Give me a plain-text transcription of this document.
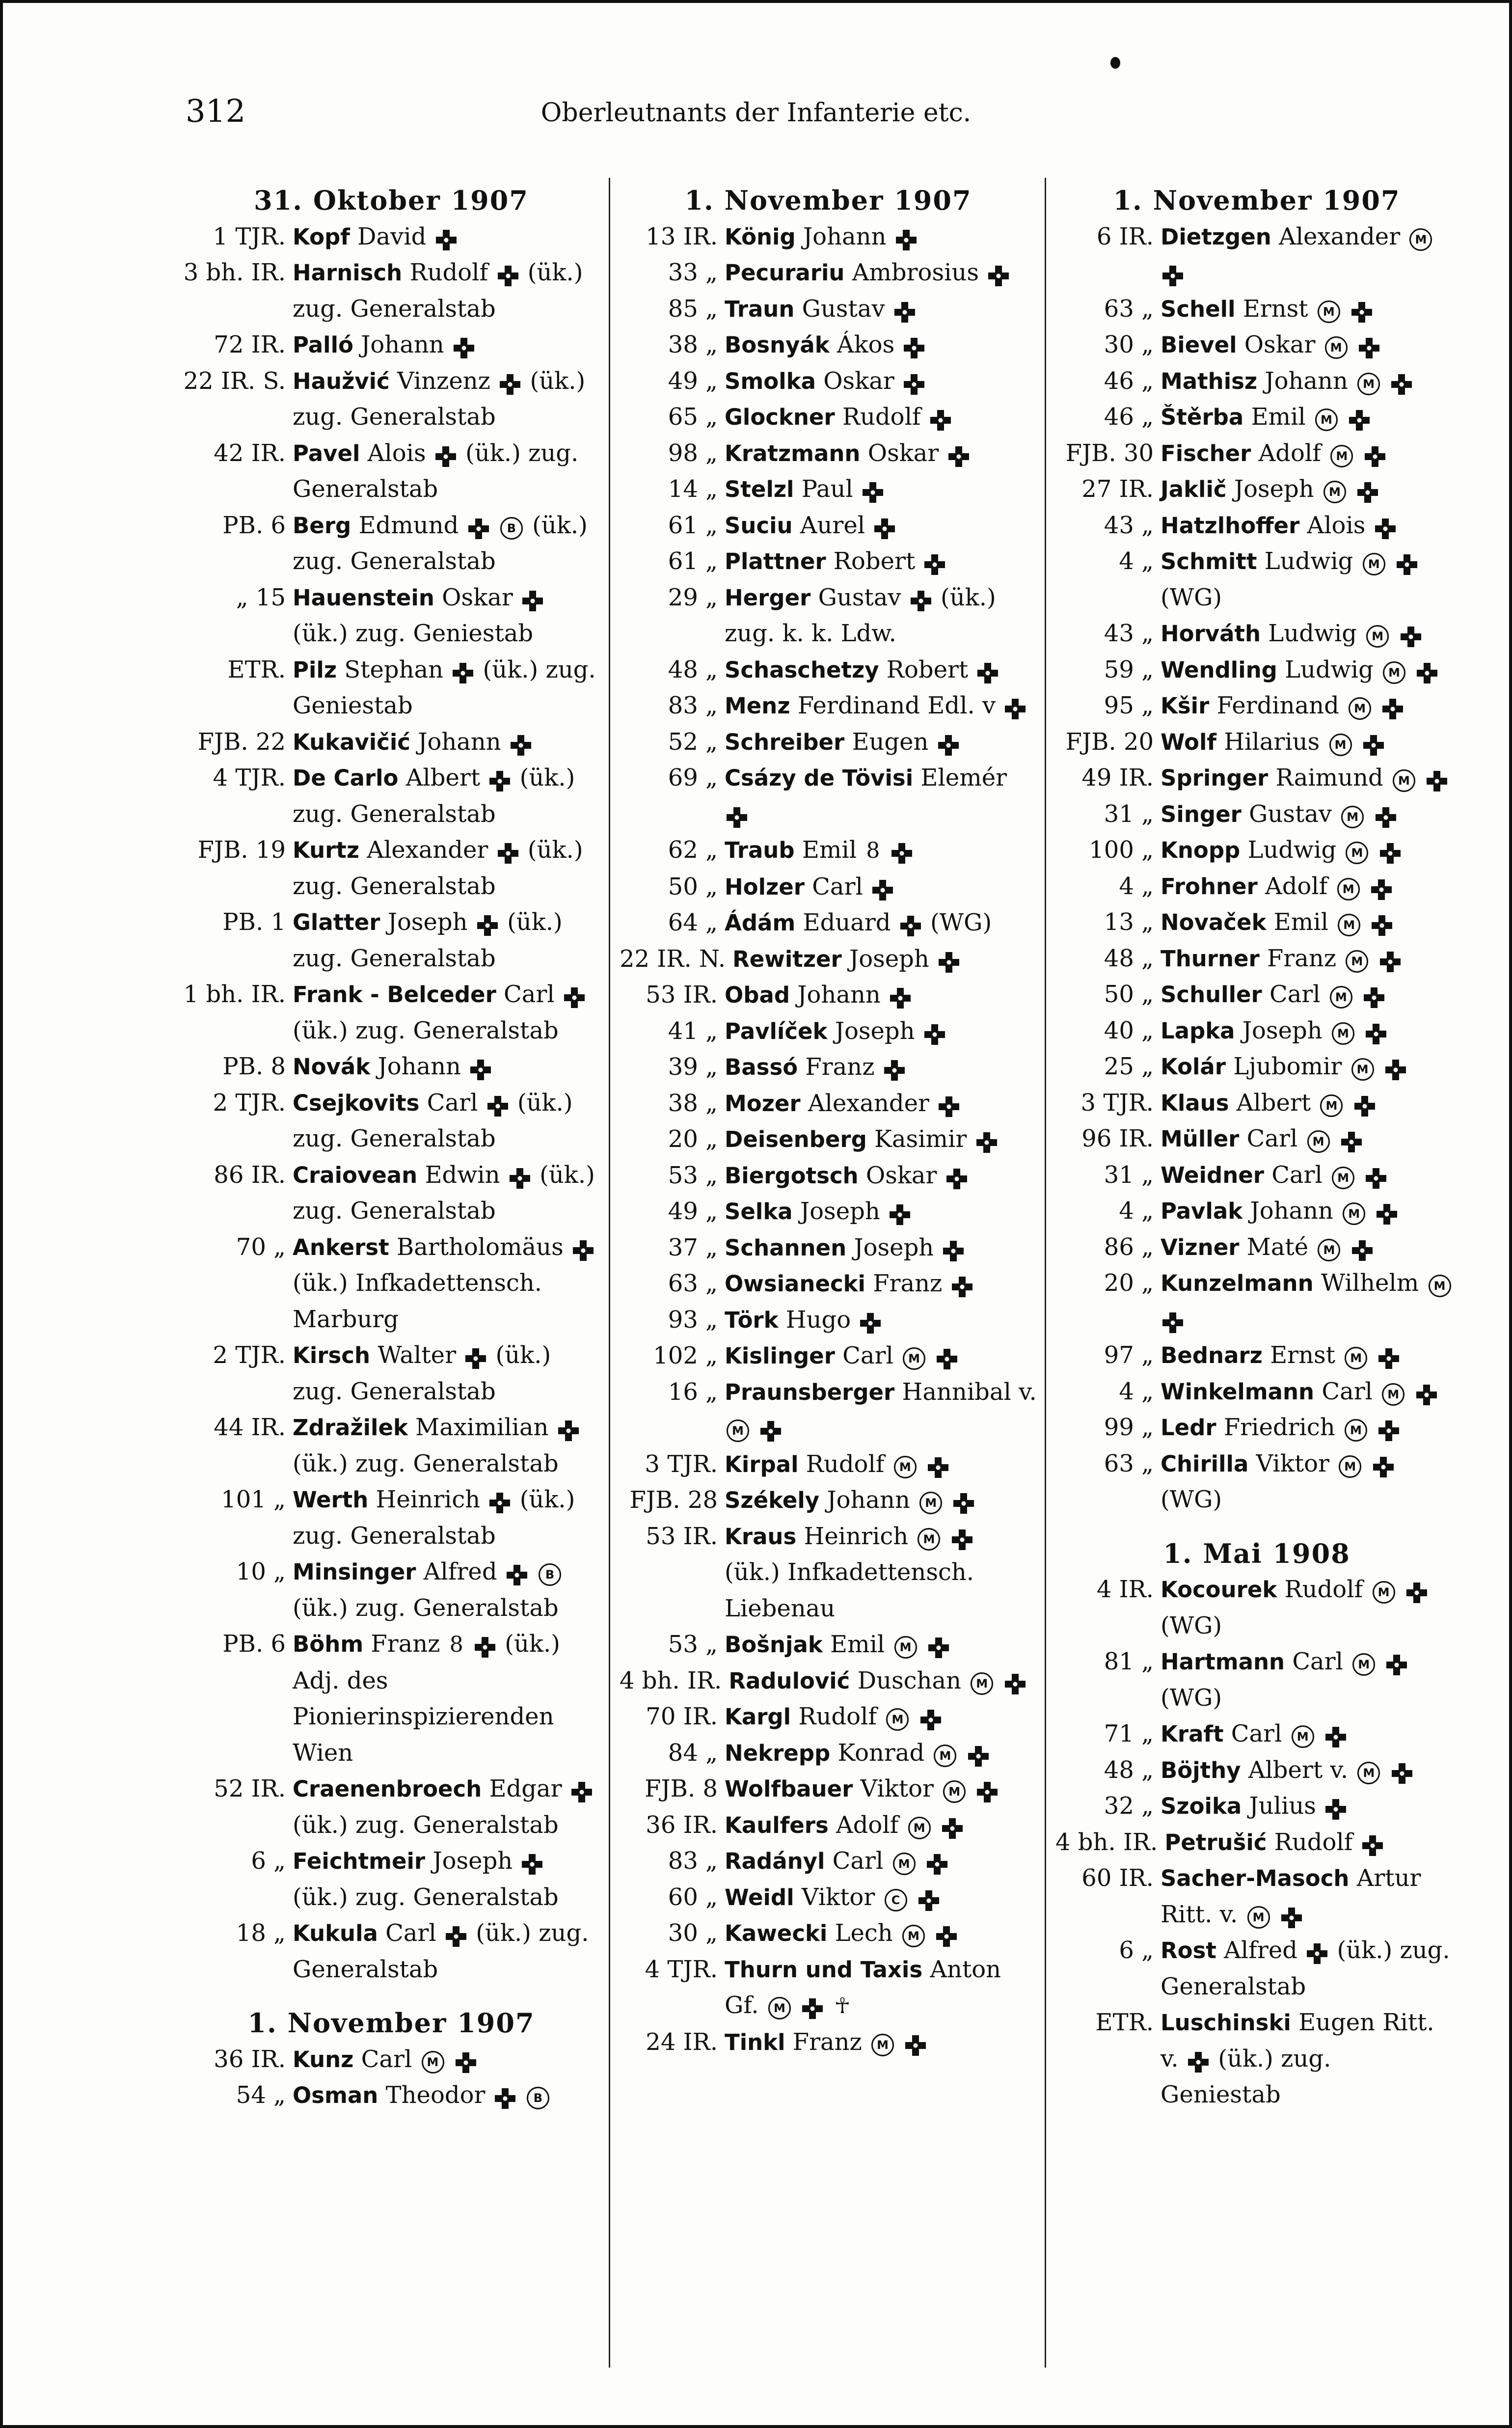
312	Oberleutnants der Infanterie etc.
31. Oktober 1907
1 TJR. Kopf David
3 bh. IR. Harnisch Rudolf  (ük.) zug. Generalstab
72 IR. Palló Johann
22 IR. S. Haužvić Vinzenz  (ük.) zug. Generalstab
42 IR. Pavel Alois  (ük.) zug. Generalstab
PB. 6 Berg Edmund	B (ük.) zug. Generalstab
„ 15 Hauenstein Oskar  (ük.) zug. Geniestab
ETR. Pilz Stephan  (ük.) zug. Geniestab
FJB. 22 Kukavičić Johann
4 TJR. De Carlo Albert  (ük.) zug. Generalstab
FJB. 19 Kurtz Alexander  (ük.) zug. Generalstab
PB. 1 Glatter Joseph  (ük.) zug. Generalstab
1 bh. IR. Frank - Belceder Carl  (ük.) zug. Generalstab
PB. 8 Novák Johann
2 TJR. Csejkovits Carl  (ük.) zug. Generalstab
86 IR. Craiovean Edwin  (ük.) zug. Generalstab
70 „ Ankerst Bartholomäus  (ük.) Infkadettensch. Marburg
2 TJR. Kirsch Walter  (ük.) zug. Generalstab
44 IR. Zdražilek Maximilian  (ük.) zug. Generalstab
101 „ Werth Heinrich  (ük.) zug. Generalstab
10 „ Minsinger Alfred	B (ük.) zug. Generalstab
PB. 6 Böhm Franz 8  (ük.) Adj. des Pionierinspizierenden Wien
52 IR. Craenenbroech Edgar  (ük.) zug. Generalstab
6 „ Feichtmeir Joseph  (ük.) zug. Generalstab
18 „ Kukula Carl  (ük.) zug. Generalstab
1. November 1907
36 IR. Kunz Carl M
54 „ Osman Theodor	B
1. November 1907
13 IR. König Johann
33 „ Pecurariu Ambrosius
85 „ Traun Gustav
38 „ Bosnyák Ákos
49 „ Smolka Oskar
65 „ Glockner Rudolf
98 „ Kratzmann Oskar
14 „ Stelzl Paul
61 „ Suciu Aurel
61 „ Plattner Robert
29 „ Herger Gustav  (ük.) zug. k. k. Ldw.
48 „ Schaschetzy Robert
83 „ Menz Ferdinand Edl. v
52 „ Schreiber Eugen
69 „ Csázy de Tövisi Elemér
62 „ Traub Emil 8
50 „ Holzer Carl
64 „ Ádám Eduard  (WG)
22 IR. N. Rewitzer Joseph
53 IR. Obad Johann
41 „ Pavlíček Joseph
39 „ Bassó Franz
38 „ Mozer Alexander
20 „ Deisenberg Kasimir
53 „ Biergotsch Oskar
49 „ Selka Joseph
37 „ Schannen Joseph
63 „ Owsianecki Franz
93 „ Törk Hugo
102 „ Kislinger Carl M
16 „ Praunsberger Hannibal v. M
3 TJR. Kirpal Rudolf M
FJB. 28 Székely Johann M
53 IR. Kraus Heinrich M  (ük.) Infkadettensch. Liebenau
53 „ Bošnjak Emil M
4 bh. IR. Radulović Duschan M
70 IR. Kargl Rudolf M
84 „ Nekrepp Konrad M
FJB. 8 Wolfbauer Viktor M
36 IR. Kaulfers Adolf M
83 „ Radányl Carl M
60 „ Weidl Viktor C
30 „ Kawecki Lech M
4 TJR. Thurn und Taxis Anton Gf. M ☥
24 IR. Tinkl Franz M
1. November 1907
6 IR. Dietzgen Alexander M
63 „ Schell Ernst M
30 „ Bievel Oskar M
46 „ Mathisz Johann M
46 „ Štěrba Emil M
FJB. 30 Fischer Adolf M
27 IR. Jaklič Joseph M
43 „ Hatzlhoffer Alois
4 „ Schmitt Ludwig M  (WG)
43 „ Horváth Ludwig M
59 „ Wendling Ludwig M
95 „ Kšir Ferdinand M
FJB. 20 Wolf Hilarius M
49 IR. Springer Raimund M
31 „ Singer Gustav M
100 „ Knopp Ludwig M
4 „ Frohner Adolf M
13 „ Novaček Emil M
48 „ Thurner Franz M
50 „ Schuller Carl M
40 „ Lapka Joseph M
25 „ Kolár Ljubomir M
3 TJR. Klaus Albert M
96 IR. Müller Carl M
31 „ Weidner Carl M
4 „ Pavlak Johann M
86 „ Vizner Maté M
20 „ Kunzelmann Wilhelm M
97 „ Bednarz Ernst M
4 „ Winkelmann Carl M
99 „ Ledr Friedrich M
63 „ Chirilla Viktor M  (WG)
1. Mai 1908
4 IR. Kocourek Rudolf M  (WG)
81 „ Hartmann Carl M  (WG)
71 „ Kraft Carl M
48 „ Böjthy Albert v. M
32 „ Szoika Julius
4 bh. IR. Petrušić Rudolf
60 IR. Sacher-Masoch Artur Ritt. v. M
6 „ Rost Alfred  (ük.) zug. Generalstab
ETR. Luschinski Eugen Ritt. v.  (ük.) zug. Geniestab
